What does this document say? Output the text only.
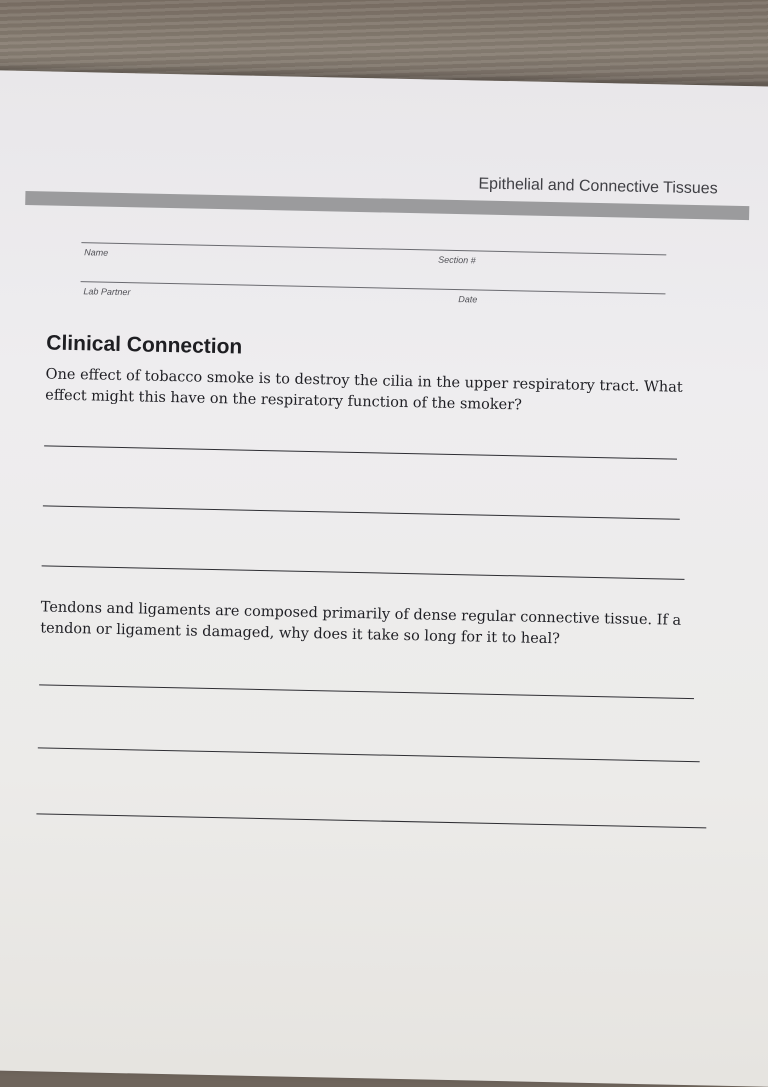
Epithelial and Connective Tissues
Name
Section #
Lab Partner
Date
Clinical Connection
One effect of tobacco smoke is to destroy the cilia in the upper respiratory tract. What effect might this have on the respiratory function of the smoker?
Tendons and ligaments are composed primarily of dense regular connective tissue. If a tendon or ligament is damaged, why does it take so long for it to heal?
